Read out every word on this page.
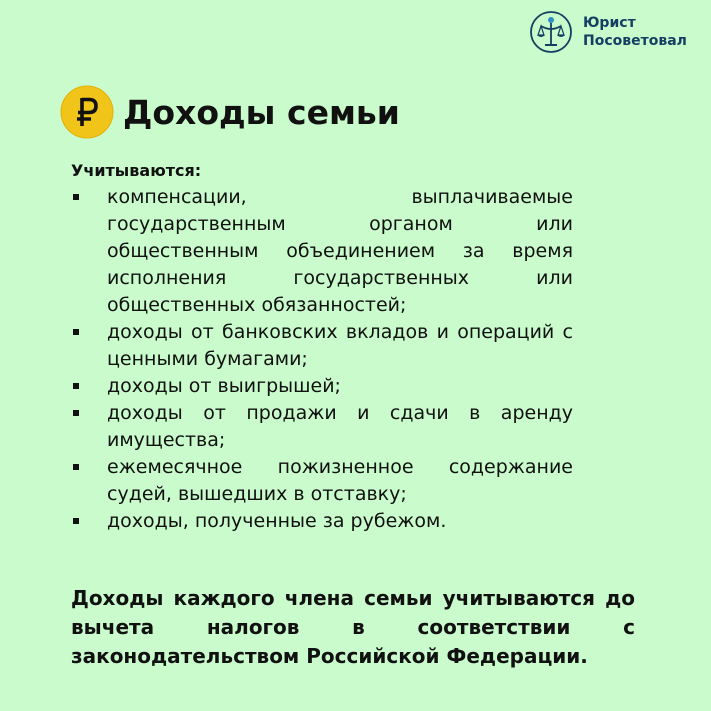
Юрист
Посоветовал
Доходы семьи
Учитываются:
компенсации, выплачиваемые государственным органом или общественным объединением за время исполнения государственных или общественных обязанностей;
доходы от банковских вкладов и операций с ценными бумагами;
доходы от выигрышей;
доходы от продажи и сдачи в аренду имущества;
ежемесячное пожизненное содержание судей, вышедших в отставку;
доходы, полученные за рубежом.
Доходы каждого члена семьи учитываются до вычета налогов в соответствии с законодательством Российской Федерации.
